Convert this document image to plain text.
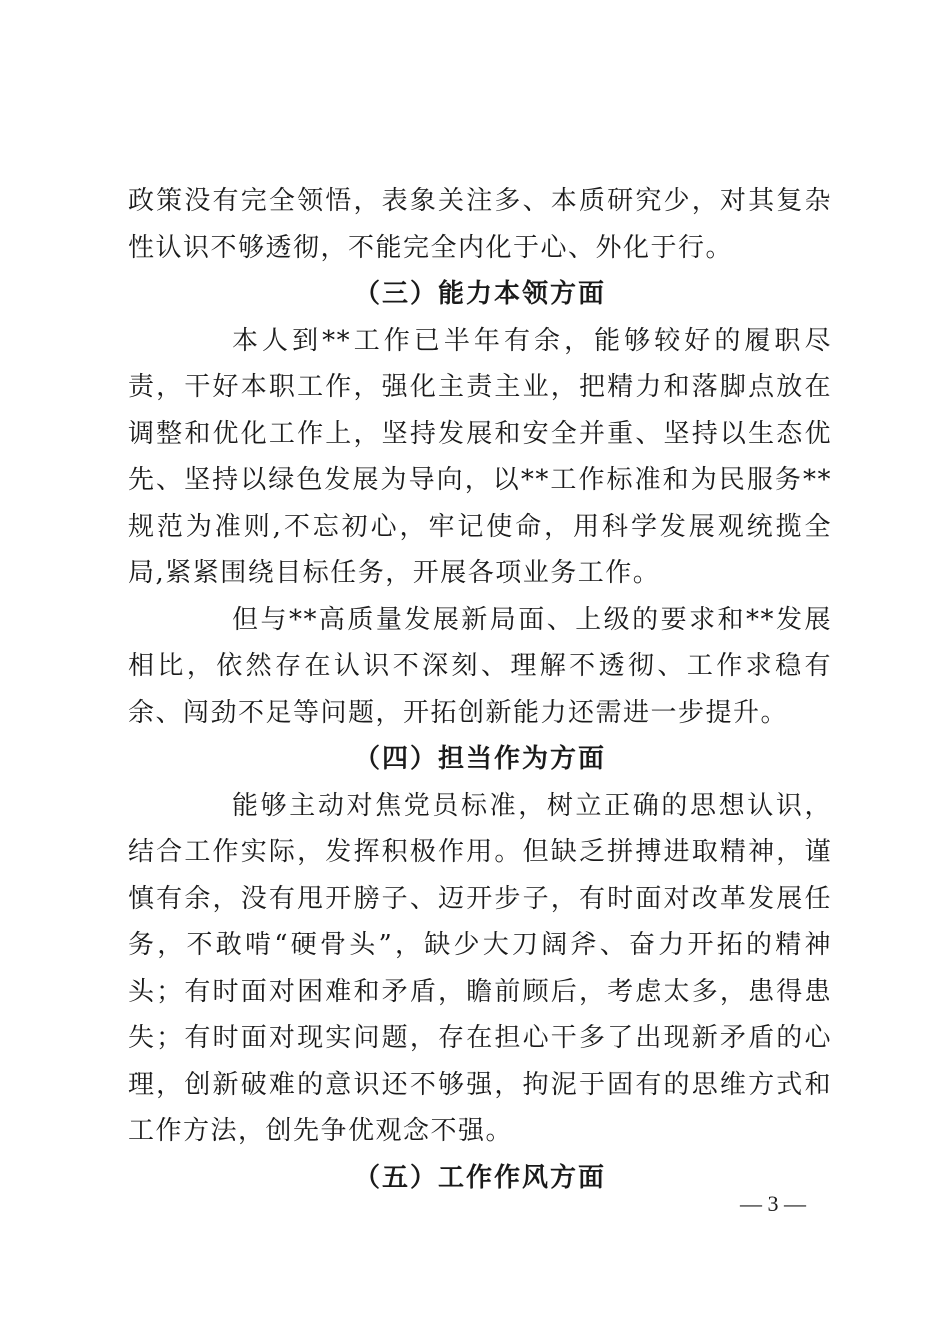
政策没有完全领悟，表象关注多、本质研究少，对其复杂性认识不够透彻，不能完全内化于心、外化于行。

（三）能力本领方面

本人到**工作已半年有余，能够较好的履职尽责，干好本职工作，强化主责主业，把精力和落脚点放在调整和优化工作上，坚持发展和安全并重、坚持以生态优先、坚持以绿色发展为导向，以**工作标准和为民服务**规范为准则,不忘初心，牢记使命，用科学发展观统揽全局,紧紧围绕目标任务，开展各项业务工作。

但与**高质量发展新局面、上级的要求和**发展相比，依然存在认识不深刻、理解不透彻、工作求稳有余、闯劲不足等问题，开拓创新能力还需进一步提升。

（四）担当作为方面

能够主动对焦党员标准，树立正确的思想认识，结合工作实际，发挥积极作用。但缺乏拼搏进取精神，谨慎有余，没有甩开膀子、迈开步子，有时面对改革发展任务，不敢啃“硬骨头”，缺少大刀阔斧、奋力开拓的精神头；有时面对困难和矛盾，瞻前顾后，考虑太多，患得患失；有时面对现实问题，存在担心干多了出现新矛盾的心理，创新破难的意识还不够强，拘泥于固有的思维方式和工作方法，创先争优观念不强。

（五）工作作风方面

— 3 —
